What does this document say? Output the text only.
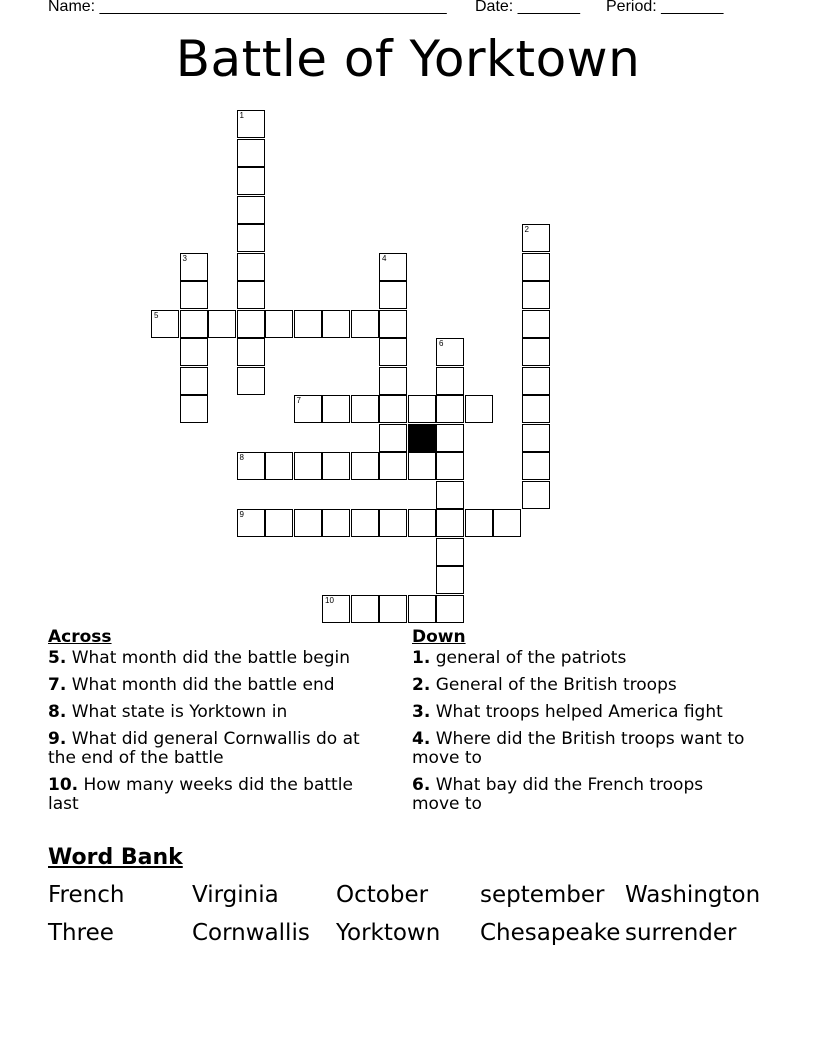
Name: _______________________________________

Date: _______

Period: _______

Battle of Yorktown
1
2
3	4
5
6
7
8
9
10
Across
5. What month did the battle begin
7. What month did the battle end
8. What state is Yorktown in
9. What did general Cornwallis do at the end of the battle
10. How many weeks did the battle last
Down
1. general of the patriots
2. General of the British troops
3. What troops helped America fight
4. Where did the British troops want to move to
6. What bay did the French troops move to
Word Bank
French	Virginia October september Washington
Three	Cornwallis Yorktown Chesapeake surrender
